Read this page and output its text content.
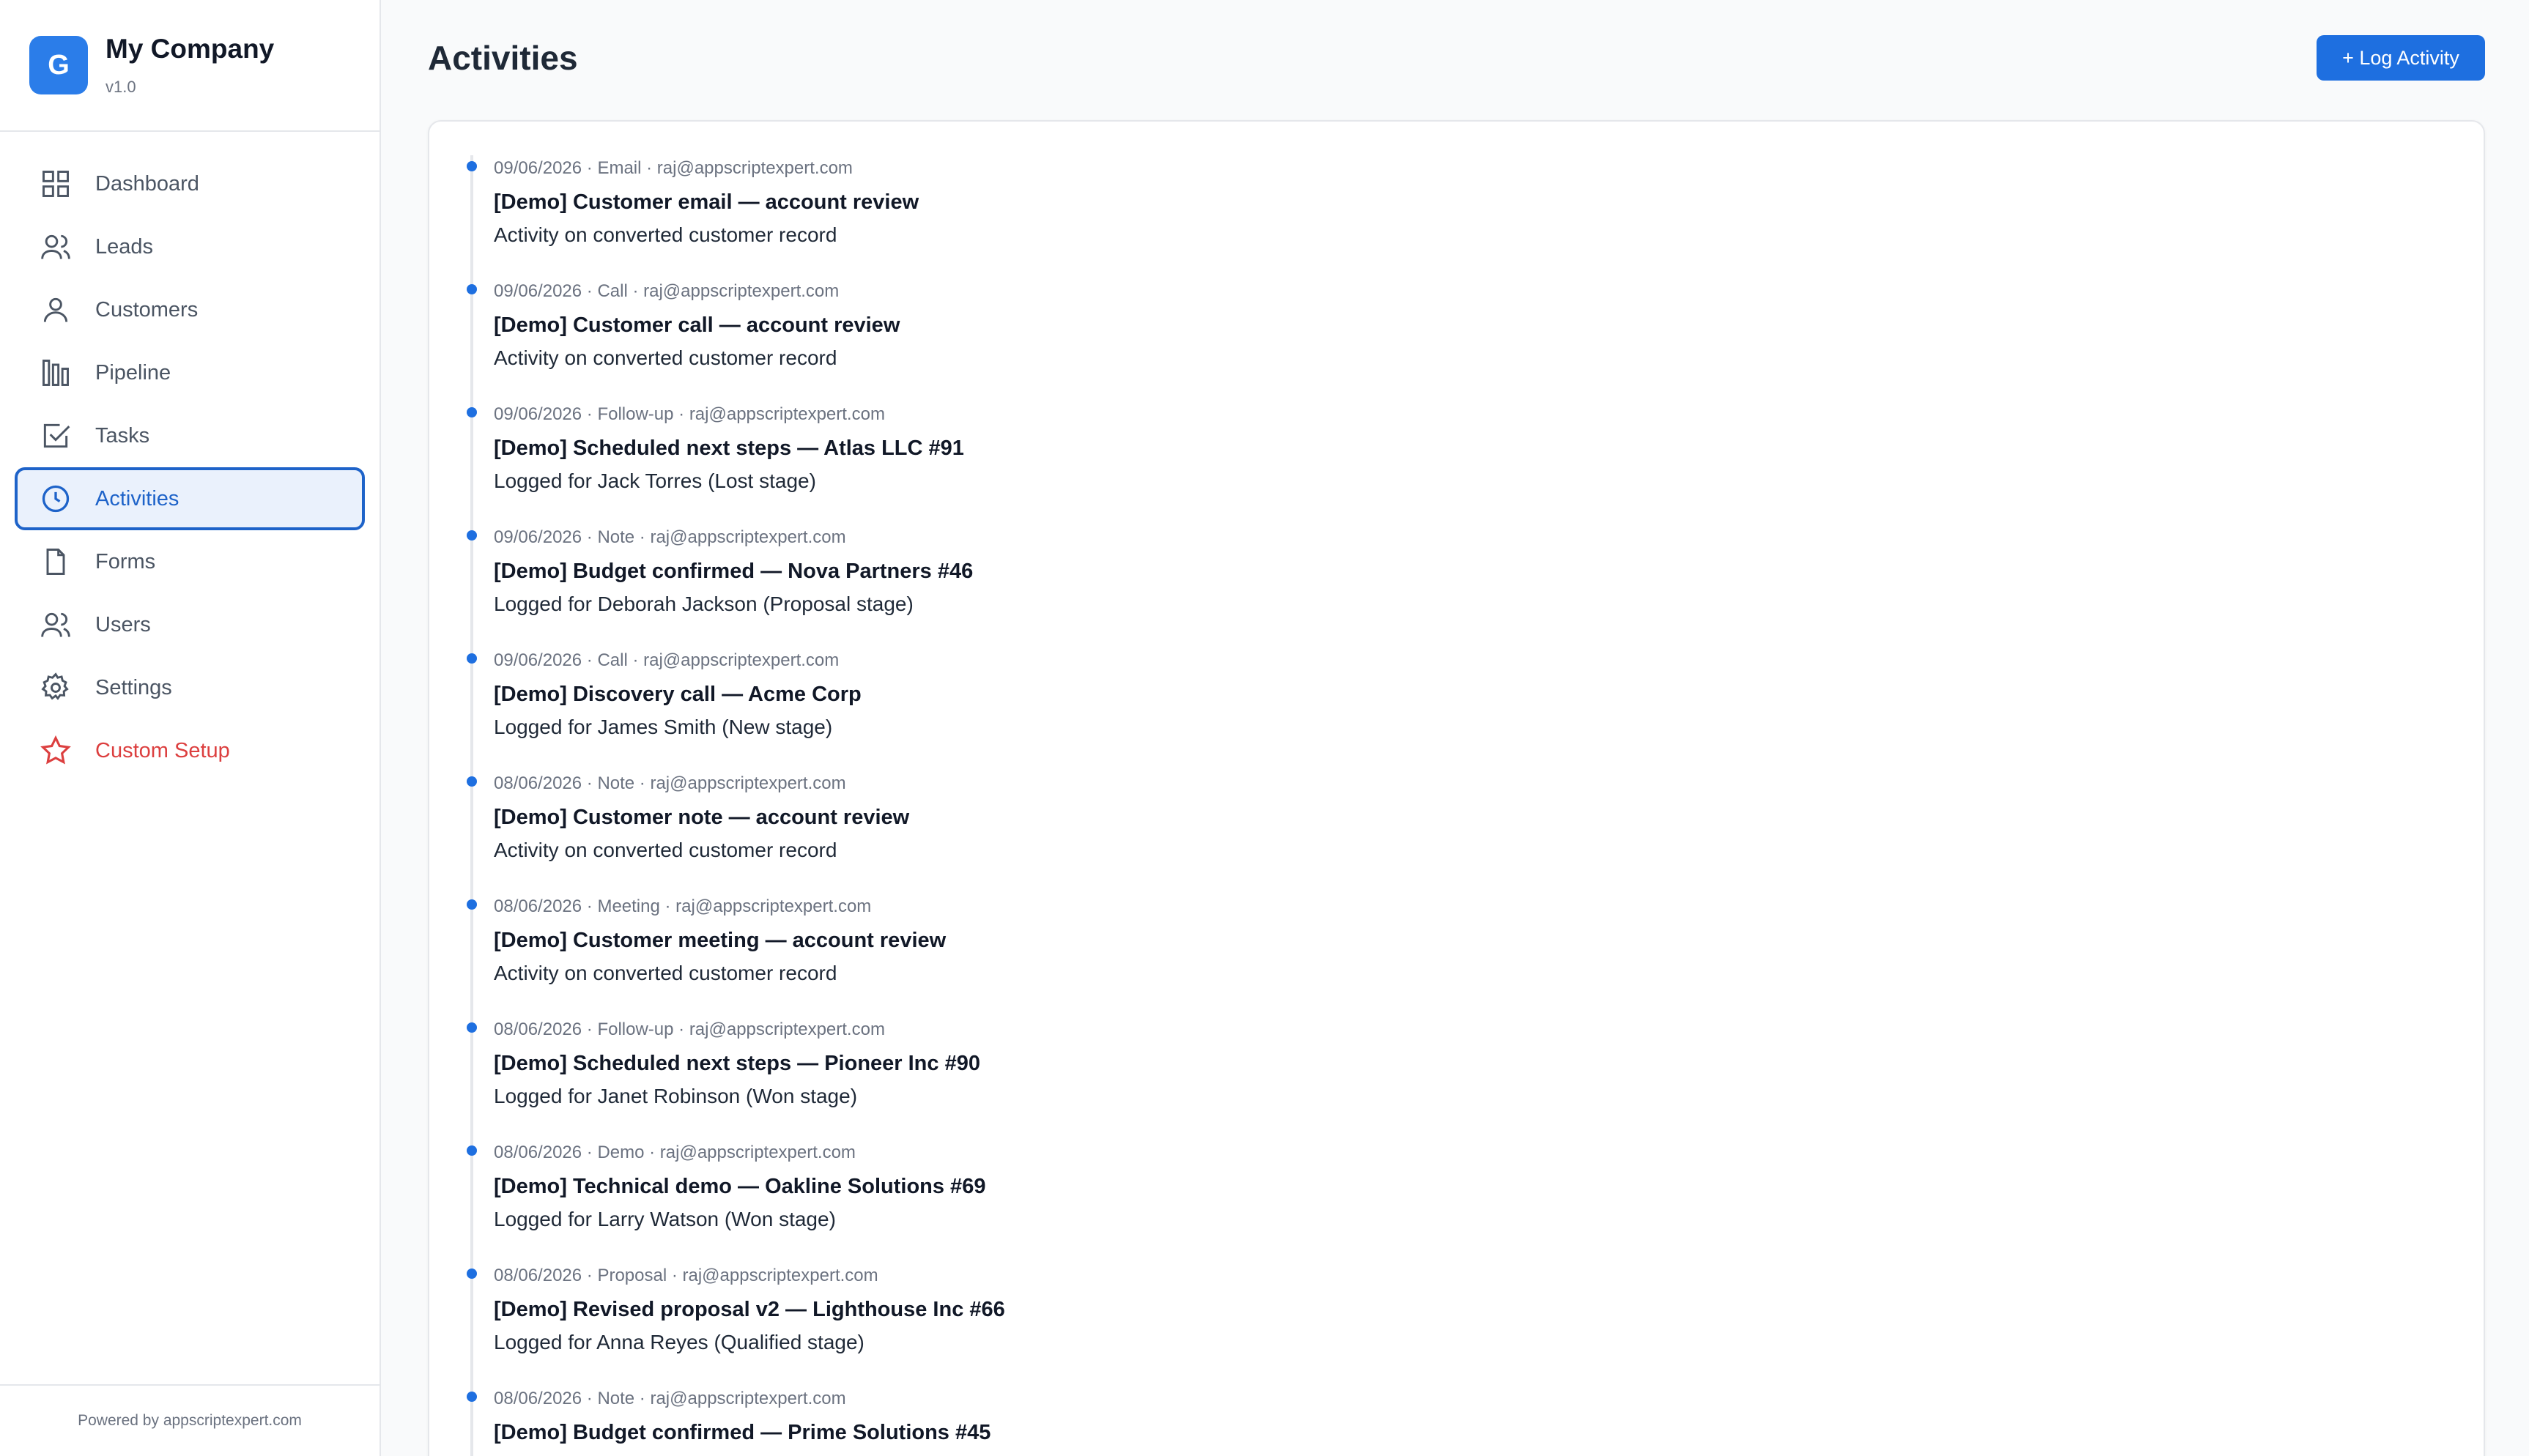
G
My Company
v1.0
Dashboard
Leads
Customers
Pipeline
Tasks
Activities
Forms
Users
Settings
Custom Setup
Powered by appscriptexpert.com
Activities	+ Log Activity
09/06/2026 · Email · raj@appscriptexpert.com
[Demo] Customer email — account review
Activity on converted customer record
09/06/2026 · Call · raj@appscriptexpert.com
[Demo] Customer call — account review
Activity on converted customer record
09/06/2026 · Follow-up · raj@appscriptexpert.com
[Demo] Scheduled next steps — Atlas LLC #91
Logged for Jack Torres (Lost stage)
09/06/2026 · Note · raj@appscriptexpert.com
[Demo] Budget confirmed — Nova Partners #46
Logged for Deborah Jackson (Proposal stage)
09/06/2026 · Call · raj@appscriptexpert.com
[Demo] Discovery call — Acme Corp
Logged for James Smith (New stage)
08/06/2026 · Note · raj@appscriptexpert.com
[Demo] Customer note — account review
Activity on converted customer record
08/06/2026 · Meeting · raj@appscriptexpert.com
[Demo] Customer meeting — account review
Activity on converted customer record
08/06/2026 · Follow-up · raj@appscriptexpert.com
[Demo] Scheduled next steps — Pioneer Inc #90
Logged for Janet Robinson (Won stage)
08/06/2026 · Demo · raj@appscriptexpert.com
[Demo] Technical demo — Oakline Solutions #69
Logged for Larry Watson (Won stage)
08/06/2026 · Proposal · raj@appscriptexpert.com
[Demo] Revised proposal v2 — Lighthouse Inc #66
Logged for Anna Reyes (Qualified stage)
08/06/2026 · Note · raj@appscriptexpert.com
[Demo] Budget confirmed — Prime Solutions #45
